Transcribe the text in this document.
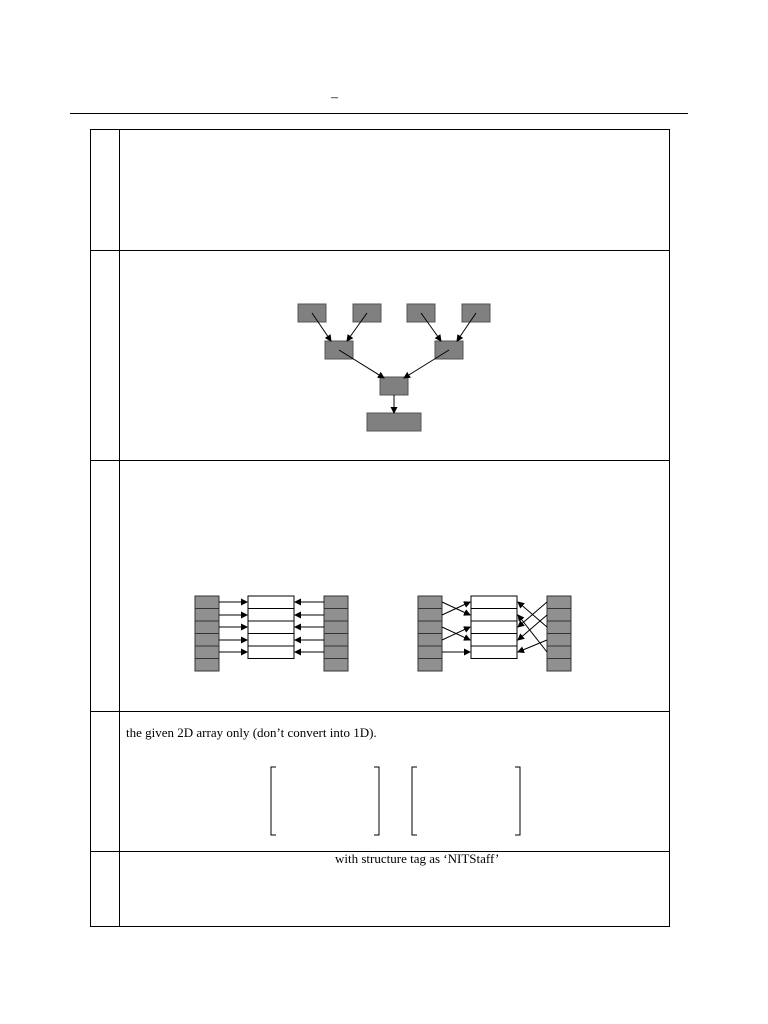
–
the given 2D array only (don’t convert into 1D).
with structure tag as ‘NITStaff’
